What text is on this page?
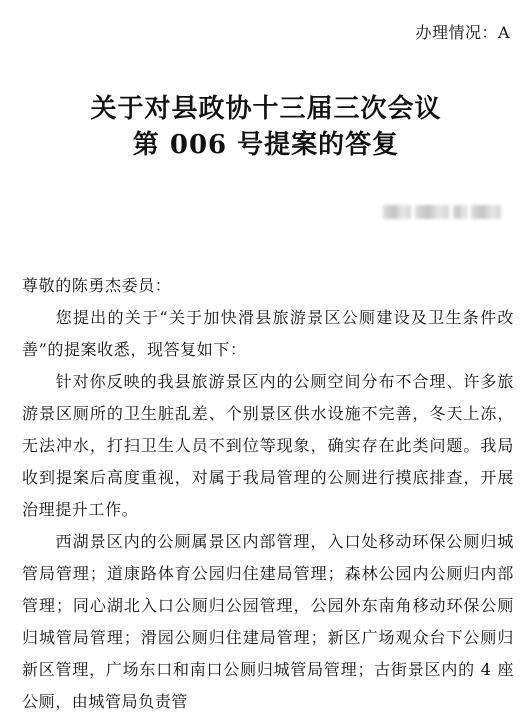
办理情况：A
关于对县政协十三届三次会议
第 006 号提案的答复

尊敬的陈勇杰委员：

您提出的关于“关于加快滑县旅游景区公厕建设及卫生条件改善”的提案收悉，现答复如下：

针对你反映的我县旅游景区内的公厕空间分布不合理、许多旅游景区厕所的卫生脏乱差、个别景区供水设施不完善，冬天上冻，无法冲水，打扫卫生人员不到位等现象，确实存在此类问题。我局收到提案后高度重视，对属于我局管理的公厕进行摸底排查，开展治理提升工作。

西湖景区内的公厕属景区内部管理，入口处移动环保公厕归城管局管理；道康路体育公园归住建局管理；森林公园内公厕归内部管理；同心湖北入口公厕归公园管理，公园外东南角移动环保公厕归城管局管理；滑园公厕归住建局管理；新区广场观众台下公厕归新区管理，广场东口和南口公厕归城管局管理；古街景区内的 4 座公厕，由城管局负责管
